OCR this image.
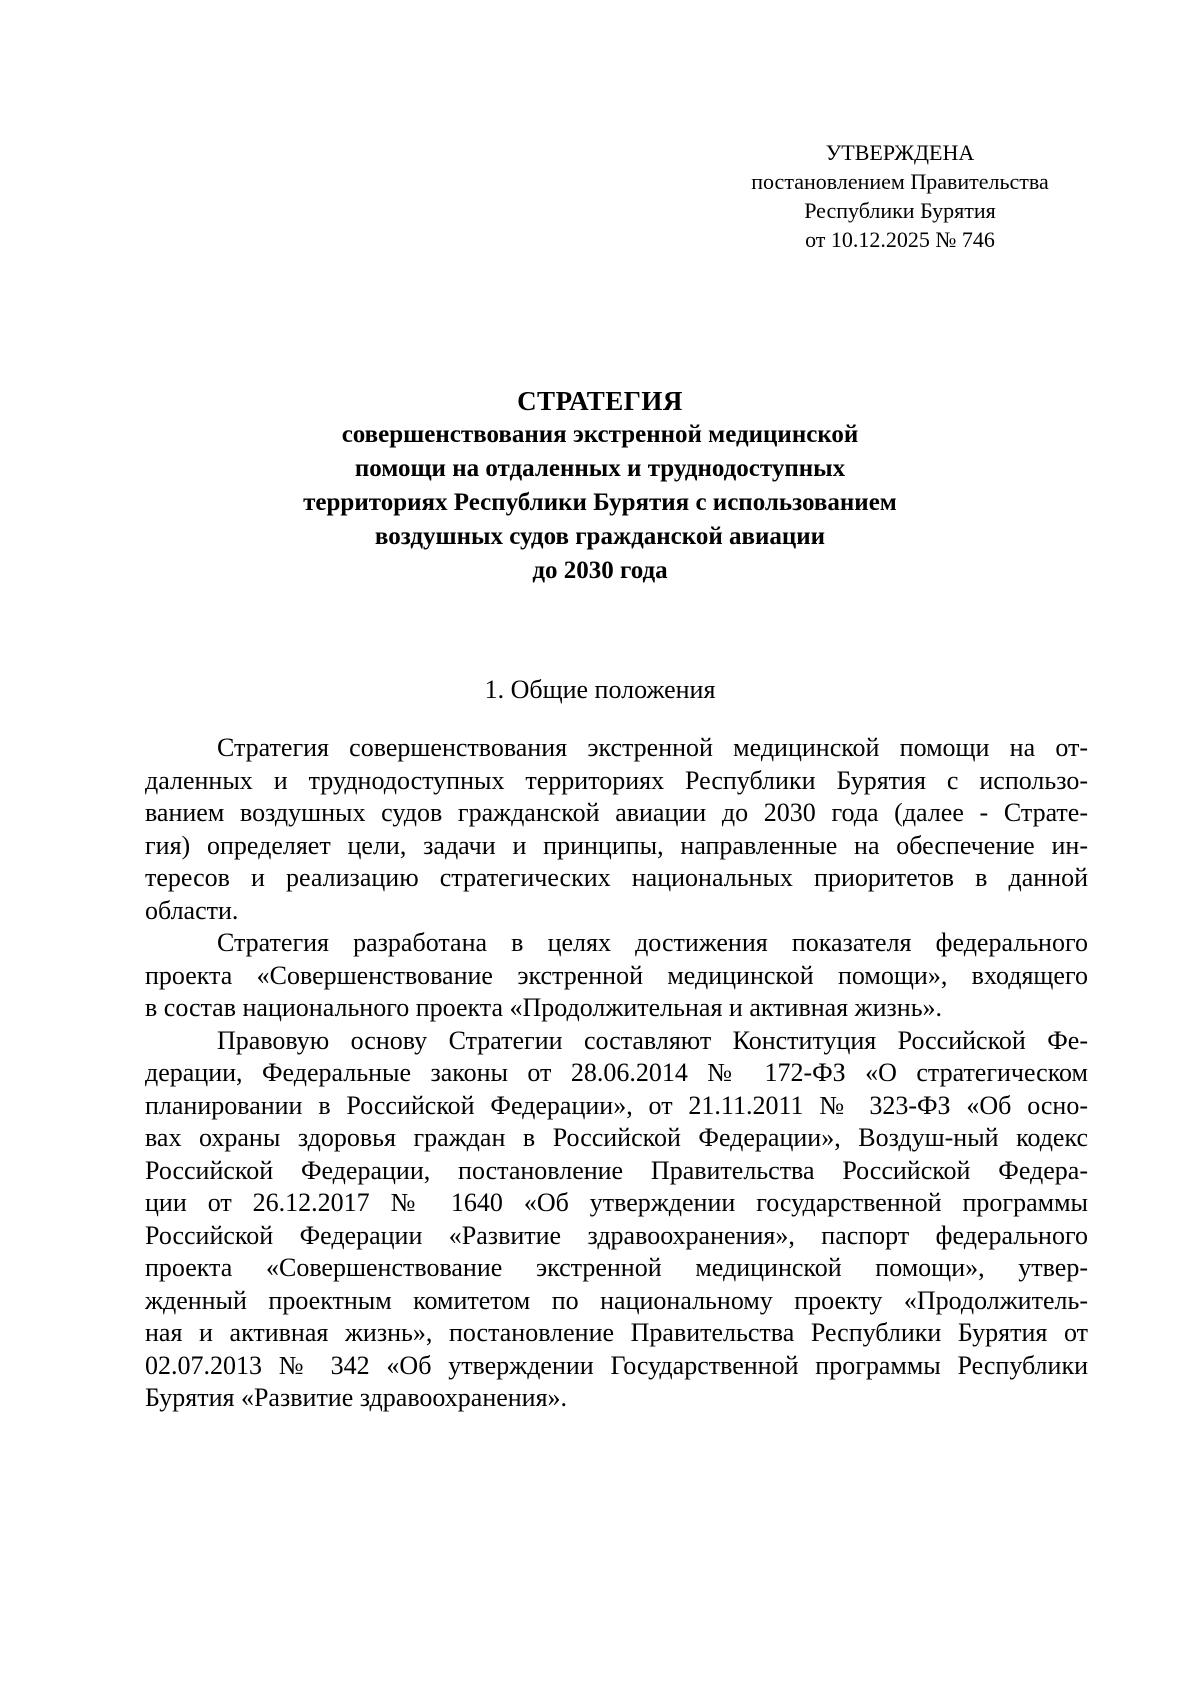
УТВЕРЖДЕНА
постановлением Правительства
Республики Бурятия
от 10.12.2025 № 746
СТРАТЕГИЯ
совершенствования экстренной медицинской
помощи на отдаленных и труднодоступных
территориях Республики Бурятия с использованием
воздушных судов гражданской авиации
до 2030 года
1. Общие положения
Стратегия совершенствования экстренной медицинской помощи на от-
даленных и труднодоступных территориях Республики Бурятия с использо-
ванием воздушных судов гражданской авиации до 2030 года (далее - Страте-
гия) определяет цели, задачи и принципы, направленные на обеспечение ин-
тересов и реализацию стратегических национальных приоритетов в данной
области.
Стратегия разработана в целях достижения показателя федерального
проекта «Совершенствование экстренной медицинской помощи», входящего
в состав национального проекта «Продолжительная и активная жизнь».
Правовую основу Стратегии составляют Конституция Российской Фе-
дерации, Федеральные законы от 28.06.2014 № 172-ФЗ «О стратегическом
планировании в Российской Федерации», от 21.11.2011 № 323-ФЗ «Об осно-
вах охраны здоровья граждан в Российской Федерации», Воздуш-ный кодекс
Российской Федерации, постановление Правительства Российской Федера-
ции от 26.12.2017 № 1640 «Об утверждении государственной программы
Российской Федерации «Развитие здравоохранения», паспорт федерального
проекта «Совершенствование экстренной медицинской помощи», утвер-
жденный проектным комитетом по национальному проекту «Продолжитель-
ная и активная жизнь», постановление Правительства Республики Бурятия от
02.07.2013 № 342 «Об утверждении Государственной программы Республики
Бурятия «Развитие здравоохранения».
